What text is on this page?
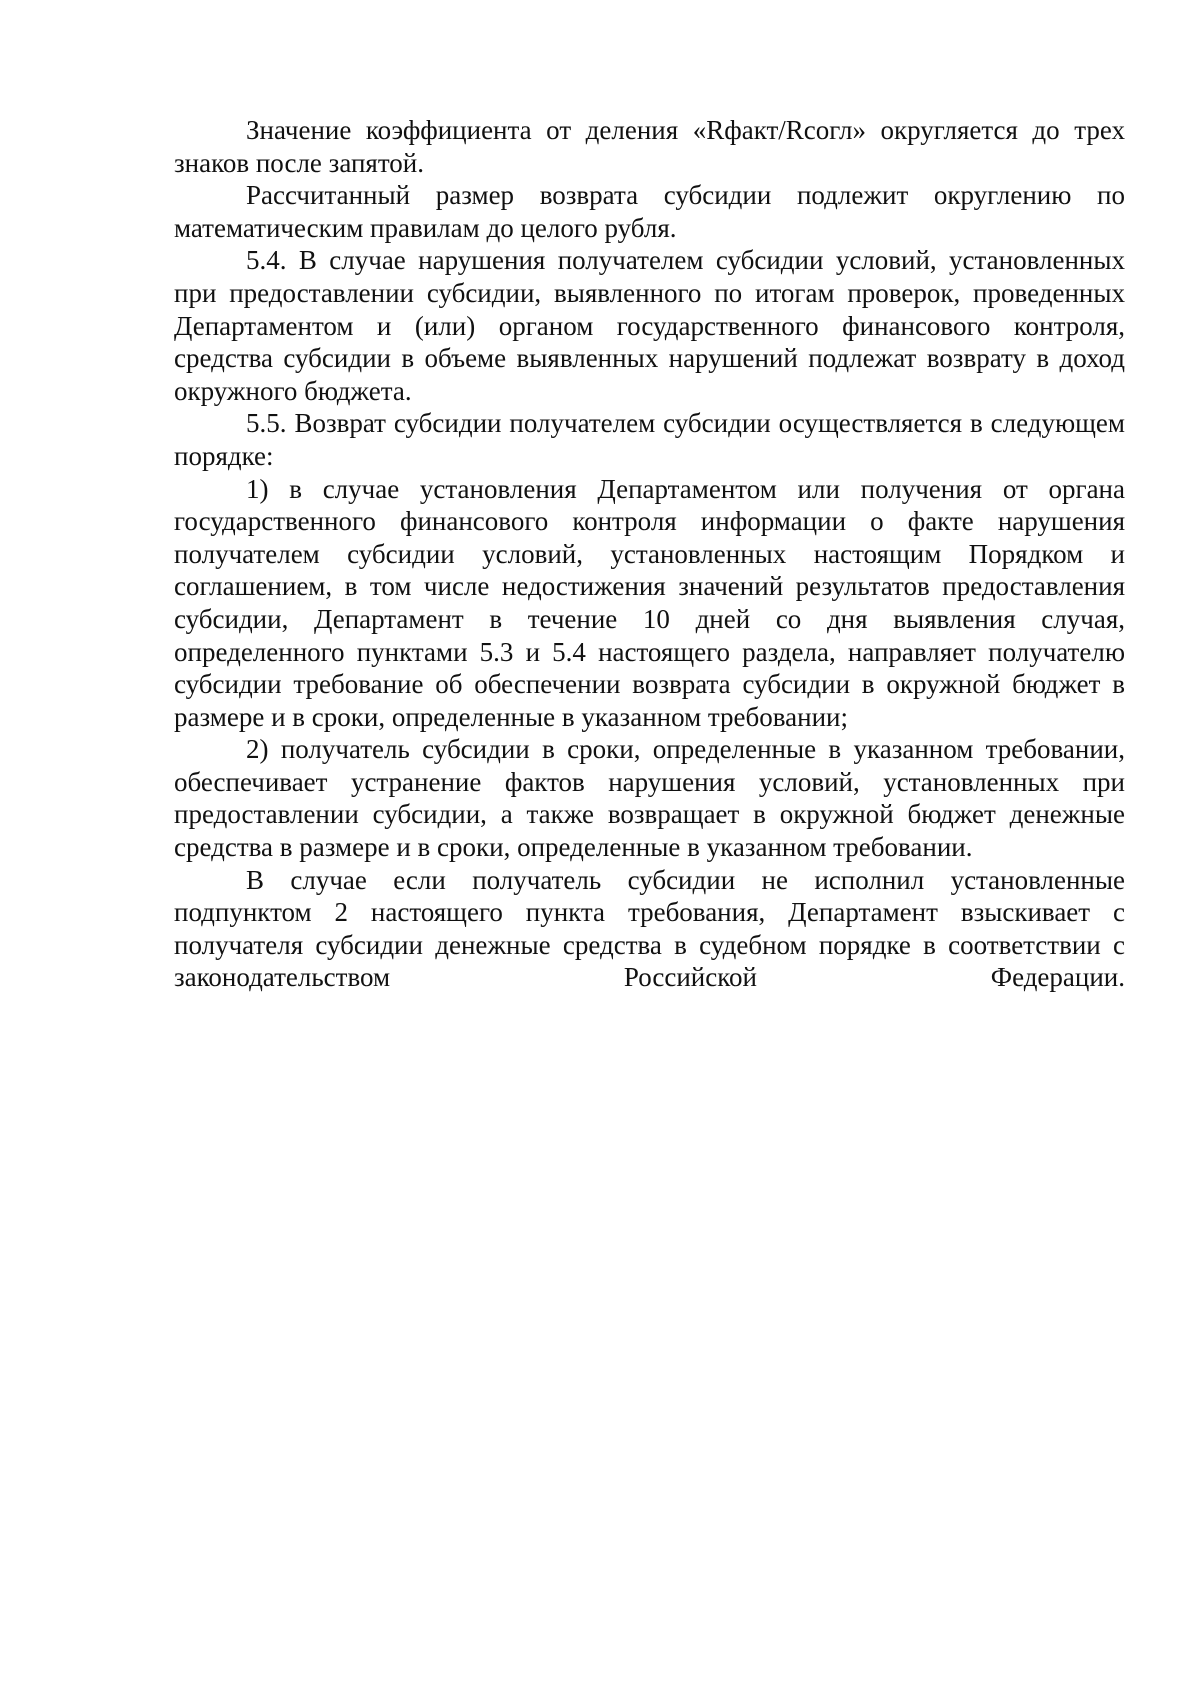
Значение коэффициента от деления «Rфакт/Rсогл» округляется до трех знаков после запятой.

Рассчитанный размер возврата субсидии подлежит округлению по математическим правилам до целого рубля.

5.4. В случае нарушения получателем субсидии условий, установленных при предоставлении субсидии, выявленного по итогам проверок, проведенных Департаментом и (или) органом государственного финансового контроля, средства субсидии в объеме выявленных нарушений подлежат возврату в доход окружного бюджета.

5.5. Возврат субсидии получателем субсидии осуществляется в следующем порядке:

1) в случае установления Департаментом или получения от органа государственного финансового контроля информации о факте нарушения получателем субсидии условий, установленных настоящим Порядком и соглашением, в том числе недостижения значений результатов предоставления субсидии, Департамент в течение 10 дней со дня выявления случая, определенного пунктами 5.3 и 5.4 настоящего раздела, направляет получателю субсидии требование об обеспечении возврата субсидии в окружной бюджет в размере и в сроки, определенные в указанном требовании;

2) получатель субсидии в сроки, определенные в указанном требовании, обеспечивает устранение фактов нарушения условий, установленных при предоставлении субсидии, а также возвращает в окружной бюджет денежные средства в размере и в сроки, определенные в указанном требовании.

В случае если получатель субсидии не исполнил установленные подпунктом 2 настоящего пункта требования, Департамент взыскивает с получателя субсидии денежные средства в судебном порядке в соответствии с законодательством Российской Федерации.
